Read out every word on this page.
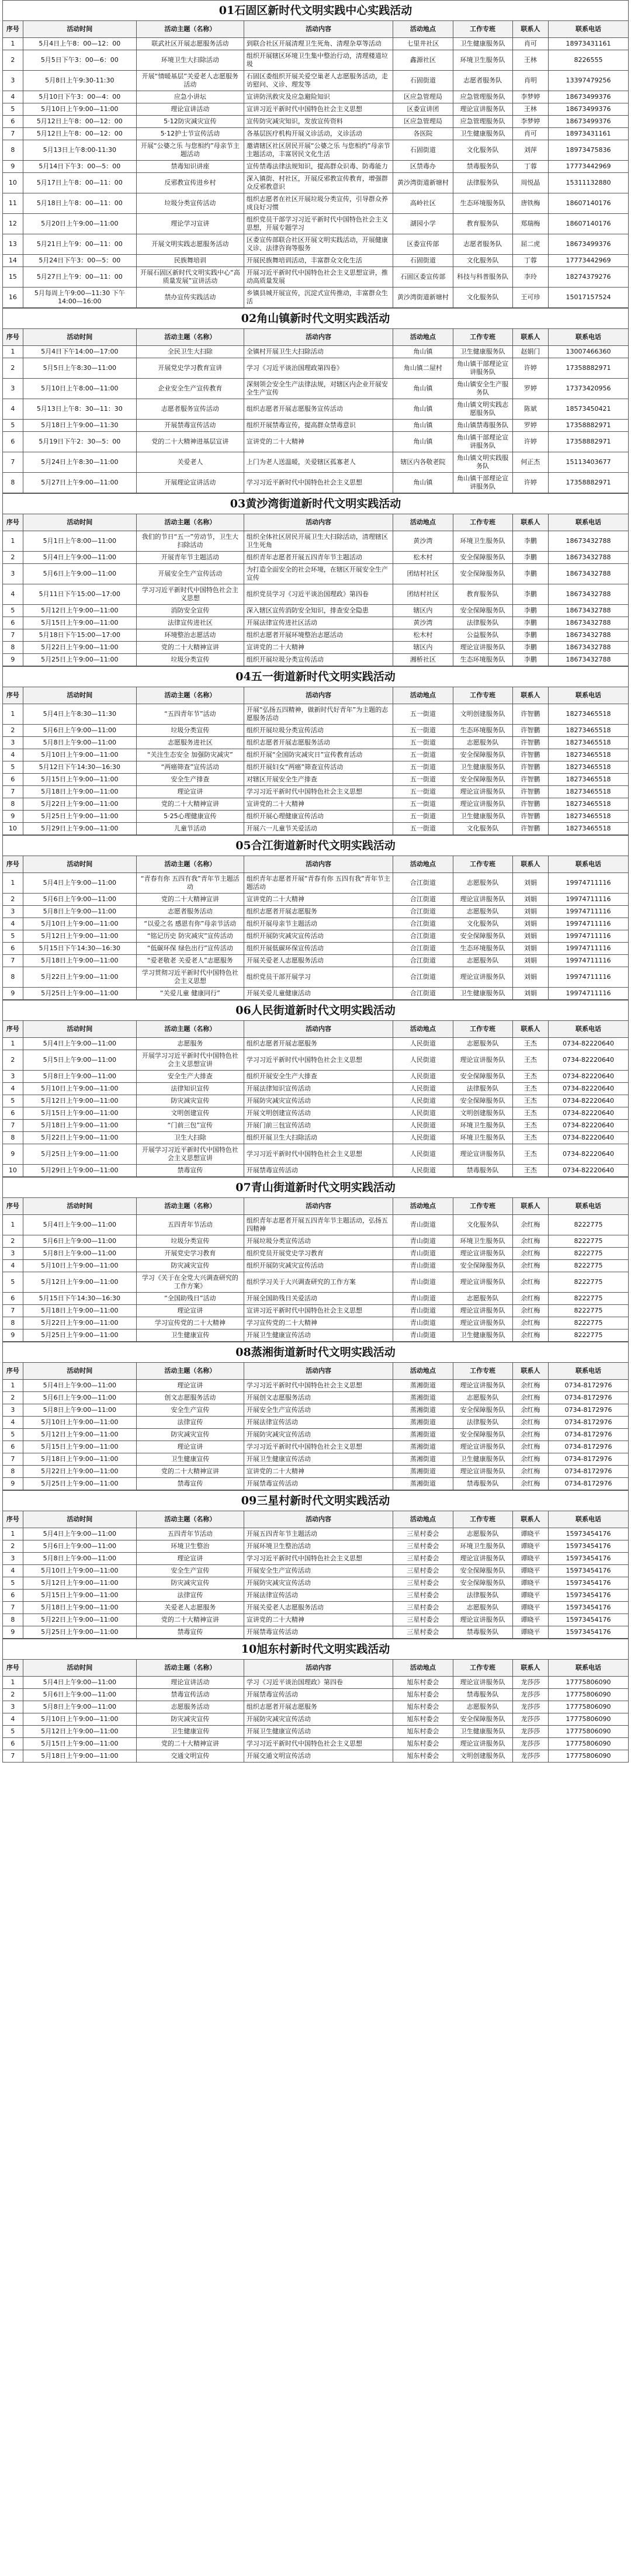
01石固区新时代文明实践中心实践活动
序号	活动时间	活动主题（名称）	活动内容	活动地点	工作专班	联系人	联系电话
1	5月4日上午8：00—12：00	联武社区开展志愿服务活动	到联合社区开展清理卫生死角、清理杂草等活动	七里井社区	卫生健康服务队	肖可	18973431161
2	5月5日下午3：00—6：00	环境卫生大扫除活动	组织开展辖区环境卫生集中整治行动，清理楼道垃圾	鑫源社区	环境卫生服务队	王林	8226555
3	5月8日上午9:30-11:30	开展“情暖基层”关爱老人志愿服务活动	石固区委组织开展关爱空巢老人志愿服务活动，走访慰问、义诊、理发等	石固街道	志愿者服务队	肖明	13397479256
4	5月10日下午3：00—4：00	应急小讲坛	宣讲防汛救灾及应急避险知识	区应急管理局	应急管理服务队	李梦婷	18673499376
5	5月10日上午9:00—11:00	理论宣讲活动	宣讲习近平新时代中国特色社会主义思想	区委宣讲团	理论宣讲服务队	王林	18673499376
6	5月12日上午8：00—12：00	5·12防灾减灾宣传	宣传防灾减灾知识，发放宣传资料	区应急管理局	应急管理服务队	李梦婷	18673499376
7	5月12日上午8：00—12：00	5·12护士节宣传活动	各基层医疗机构开展义诊活动，义诊活动	各医院	卫生健康服务队	肖可	18973431161
8	5月13日上午8:00-11:30	开展“公婆之乐 与您相约”母亲节主题活动	邀请辖区社区居民开展“公婆之乐 与您相约”母亲节主题活动，丰富居民文化生活	石固街道	文化服务队	刘萍	18973475836
9	5月14日下午3：00—5：00	禁毒知识讲座	宣传禁毒法律法规知识，提高群众识毒、防毒能力	区禁毒办	禁毒服务队	丁蓉	17773442969
10	5月17日上午8：00—11：00	反邪教宣传进乡村	深入镇街、村社区，开展反邪教宣传教育，增强群众反邪教意识	黄沙湾街道新塘村	法律服务队	周悦晶	15311132880
11	5月18日上午8：00—11：00	垃圾分类宣传活动	组织志愿者在社区开展垃圾分类宣传，引导群众养成良好习惯	高岭社区	生态环境服务队	唐铁梅	18607140176
12	5月20日上午9:00—11:00	理论学习宣讲	组织党员干部学习习近平新时代中国特色社会主义思想，开展专题学习	湖园小学	教育服务队	郑瑞梅	18607140176
13	5月21日上午9：00—11：00	开展文明实践志愿服务活动	区委宣传部联合社区开展文明实践活动，开展健康义诊、法律咨询等服务	区委宣传部	志愿者服务队	屈二虎	18673499376
14	5月24日下午3：00—5：00	民族舞培训	开展民族舞培训活动，丰富群众文化生活	石固街道	文化服务队	丁蓉	17773442969
15	5月27日上午9：00—11：00	开展石固区新时代文明实践中心“高质量发展”宣讲活动	开展习近平新时代中国特色社会主义思想宣讲，推动高质量发展	石固区委宣传部	科技与科普服务队	李玲	18274379276
16	5月每周上午9:00—11:30 下午14:00—16:00	禁办宣传实践活动	乡镇县城开展宣传，沉淀式宣传推动，丰富群众生活	黄沙湾街道新塘村	文化服务队	王可珍	15017157524
02角山镇新时代文明实践活动
序号	活动时间	活动主题（名称）	活动内容	活动地点	工作专班	联系人	联系电话
1	5月4日下午14:00—17:00	全民卫生大扫除	全镇村开展卫生大扫除活动	角山镇	卫生健康服务队	赵娟门	13007466360
2	5月5日上午8:30—11:00	开展党史学习教育宣讲	学习《习近平谈治国理政第四卷》	角山镇二屋村	角山镇干部理论宣讲服务队	许婷	17358882971
3	5月10日上午8:00—11:00	企业安全生产宣传教育	深刻领会安全生产法律法规，对辖区内企业开展安全生产宣传	角山镇	角山镇安全生产服务队	罗婷	17373420956
4	5月13日上午8：30—11：30	志愿者服务宣传活动	组织志愿者开展志愿服务宣传活动	角山镇	角山镇文明实践志愿服务队	陈斌	18573450421
5	5月18日上午9:00—11:30	开展禁毒宣传活动	组织开展禁毒宣传，提高群众禁毒意识	角山镇	角山镇禁毒服务队	罗婷	17358882971
6	5月19日下午2：30—5：00	党的二十大精神进基层宣讲	宣讲党的二十大精神	角山镇	角山镇干部理论宣讲服务队	许婷	17358882971
7	5月24日上午8:30—11:00	关爱老人	上门为老人送温暖，关爱辖区孤寡老人	辖区内各敬老院	角山镇文明实践服务队	何正杰	15113403677
8	5月27日上午9:00—11:00	开展理论宣讲活动	学习习近平新时代中国特色社会主义思想	角山镇	角山镇干部理论宣讲服务队	许婷	17358882971
03黄沙湾街道新时代文明实践活动
序号	活动时间	活动主题（名称）	活动内容	活动地点	工作专班	联系人	联系电话
1	5月1日上午8:00—11:00	我们的节日“五一”劳动节，卫生大扫除活动	组织全体社区居民开展卫生大扫除活动，清理辖区卫生死角	黄沙湾	环境卫生服务队	李鹏	18673432788
2	5月4日上午9:00—11:00	开展青年节主题活动	组织青年志愿者开展五四青年节主题活动	松木村	安全保障服务队	李鹏	18673432788
3	5月6日上午9:00—11:00	开展安全生产宣传活动	为打造全面安全的社会环境，在辖区开展安全生产宣传	团结村社区	安全保障服务队	李鹏	18673432788
4	5月11日下午15:00—17:00	学习习近平新时代中国特色社会主义思想	组织党员学习《习近平谈治国理政》第四卷	团结村社区	教育服务队	李鹏	18673432788
5	5月12日上午9:00—11:00	消防安全宣传	深入辖区宣传消防安全知识，排查安全隐患	辖区内	安全保障服务队	李鹏	18673432788
6	5月15日上午9:00—11:00	法律宣传进社区	开展法律宣传进社区活动	黄沙湾	法律服务队	李鹏	18673432788
7	5月18日下午15:00—17:00	环境整治志愿活动	组织志愿者开展环境整治志愿活动	松木村	公益服务队	李鹏	18673432788
8	5月22日上午9:00—11:00	党的二十大精神宣讲	宣讲党的二十大精神	辖区内	理论宣讲服务队	李鹏	18673432788
9	5月25日上午9:00—11:00	垃圾分类宣传	组织开展垃圾分类宣传活动	湘桥社区	生态环境服务队	李鹏	18673432788
04五一街道新时代文明实践活动
序号	活动时间	活动主题（名称）	活动内容	活动地点	工作专班	联系人	联系电话
1	5月4日上午8:30—11:30	“五四青年节”活动	开展“弘扬五四精神，做新时代好青年”为主题的志愿服务活动	五一街道	文明创建服务队	许智鹏	18273465518
2	5月6日上午9:00—11:00	垃圾分类宣传	组织开展垃圾分类宣传活动	五一街道	生态环境服务队	许智鹏	18273465518
3	5月8日上午9:00—11:00	志愿服务进社区	组织志愿者开展志愿服务活动	五一街道	志愿服务队	许智鹏	18273465518
4	5月10日上午9:00—11:00	“关注生态安全 加强防灾减灾”	组织开展“全国防灾减灾日”宣传教育活动	五一街道	安全保障服务队	许智鹏	18273465518
5	5月12日下午14:30—16:30	“两癌筛查”宣传活动	组织开展妇女“两癌”筛查宣传活动	五一街道	卫生健康服务队	许智鹏	18273465518
6	5月15日上午9:00—11:00	安全生产排查	对辖区开展安全生产排查	五一街道	安全保障服务队	许智鹏	18273465518
7	5月18日上午9:00—11:00	理论宣讲	学习习近平新时代中国特色社会主义思想	五一街道	理论宣讲服务队	许智鹏	18273465518
8	5月22日上午9:00—11:00	党的二十大精神宣讲	宣讲党的二十大精神	五一街道	理论宣讲服务队	许智鹏	18273465518
9	5月25日上午9:00—11:00	5·25心理健康宣传	组织开展心理健康宣传活动	五一街道	卫生健康服务队	许智鹏	18273465518
10	5月29日上午9:00—11:00	儿童节活动	开展六一儿童节关爱活动	五一街道	文化服务队	许智鹏	18273465518
05合江街道新时代文明实践活动
序号	活动时间	活动主题（名称）	活动内容	活动地点	工作专班	联系人	联系电话
1	5月4日上午9:00—11:00	“青春有你 五四有我”青年节主题活动	组织青年志愿者开展“青春有你 五四有我”青年节主题活动	合江街道	志愿服务队	刘娟	19974711116
2	5月6日上午9:00—11:00	党的二十大精神宣讲	宣讲党的二十大精神	合江街道	理论宣讲服务队	刘娟	19974711116
3	5月8日上午9:00—11:00	志愿者服务活动	组织志愿者开展志愿服务	合江街道	志愿服务队	刘娟	19974711116
4	5月10日上午9:00—11:00	“以爱之名 感恩有你”母亲节活动	组织开展母亲节主题活动	合江街道	文化服务队	刘娟	19974711116
5	5月12日上午9:00—11:00	“铭记历史 防灾减灾”宣传活动	组织开展防灾减灾宣传活动	合江街道	安全保障服务队	刘娟	19974711116
6	5月15日下午14:30—16:30	“低碳环保 绿色出行”宣传活动	组织开展低碳环保宣传活动	合江街道	生态环境服务队	刘娟	19974711116
7	5月18日上午9:00—11:00	“爱老敬老 关爱老人”志愿服务	开展关爱老人志愿服务活动	合江街道	志愿服务队	刘娟	19974711116
8	5月22日上午9:00—11:00	学习贯彻习近平新时代中国特色社会主义思想	组织党员干部开展学习	合江街道	理论宣讲服务队	刘娟	19974711116
9	5月25日上午9:00—11:00	“关爱儿童 健康同行”	开展关爱儿童健康活动	合江街道	卫生健康服务队	刘娟	19974711116
06人民街道新时代文明实践活动
序号	活动时间	活动主题（名称）	活动内容	活动地点	工作专班	联系人	联系电话
1	5月4日上午9:00—11:00	志愿服务	组织志愿者开展志愿服务	人民街道	志愿服务队	王杰	0734-82220640
2	5月5日上午9:00—11:00	开展学习习近平新时代中国特色社会主义思想宣讲	学习习近平新时代中国特色社会主义思想	人民街道	理论宣讲服务队	王杰	0734-82220640
3	5月8日上午9:00—11:00	安全生产大排查	组织开展安全生产大排查	人民街道	安全保障服务队	王杰	0734-82220640
4	5月10日上午9:00—11:00	法律知识宣传	开展法律知识宣传活动	人民街道	法律服务队	王杰	0734-82220640
5	5月12日上午9:00—11:00	防灾减灾宣传	开展防灾减灾宣传活动	人民街道	安全保障服务队	王杰	0734-82220640
6	5月15日上午9:00—11:00	文明创建宣传	开展文明创建宣传活动	人民街道	文明创建服务队	王杰	0734-82220640
7	5月18日上午9:00—11:00	“门前三包”宣传	开展门前三包宣传活动	人民街道	环境卫生服务队	王杰	0734-82220640
8	5月22日上午9:00—11:00	卫生大扫除	组织开展卫生大扫除活动	人民街道	环境卫生服务队	王杰	0734-82220640
9	5月25日上午9:00—11:00	开展学习习近平新时代中国特色社会主义思想宣讲	学习习近平新时代中国特色社会主义思想	人民街道	理论宣讲服务队	王杰	0734-82220640
10	5月29日上午9:00—11:00	禁毒宣传	开展禁毒宣传活动	人民街道	禁毒服务队	王杰	0734-82220640
07青山街道新时代文明实践活动
序号	活动时间	活动主题（名称）	活动内容	活动地点	工作专班	联系人	联系电话
1	5月4日上午9:00—11:00	五四青年节活动	组织青年志愿者开展五四青年节主题活动，弘扬五四精神	青山街道	文化服务队	余红梅	8222775
2	5月6日上午9:00—11:00	垃圾分类宣传	开展垃圾分类宣传活动	青山街道	环境卫生服务队	余红梅	8222775
3	5月8日上午9:00—11:00	开展党史学习教育	组织党员开展党史学习教育	青山街道	理论宣讲服务队	余红梅	8222775
4	5月10日上午9:00—11:00	防灾减灾宣传	组织开展防灾减灾宣传活动	青山街道	安全保障服务队	余红梅	8222775
5	5月12日上午9:00—11:00	学习《关于在全党大兴调查研究的工作方案》	组织学习关于大兴调查研究的工作方案	青山街道	理论宣讲服务队	余红梅	8222775
6	5月15日下午14:30—16:30	“全国助残日”活动	开展全国助残日关爱活动	青山街道	志愿服务队	余红梅	8222775
7	5月18日上午9:00—11:00	理论宣讲	宣讲习近平新时代中国特色社会主义思想	青山街道	理论宣讲服务队	余红梅	8222775
8	5月22日上午9:00—11:00	学习宣传党的二十大精神	学习宣传党的二十大精神	青山街道	理论宣讲服务队	余红梅	8222775
9	5月25日上午9:00—11:00	卫生健康宣传	开展卫生健康宣传活动	青山街道	卫生健康服务队	余红梅	8222775
08蒸湘街道新时代文明实践活动
序号	活动时间	活动主题（名称）	活动内容	活动地点	工作专班	联系人	联系电话
1	5月4日上午9:00—11:00	理论宣讲	学习习近平新时代中国特色社会主义思想	蒸湘街道	理论宣讲服务队	余红梅	0734-8172976
2	5月6日上午9:00—11:00	创文志愿服务活动	开展创文志愿服务活动	蒸湘街道	志愿服务队	余红梅	0734-8172976
3	5月8日上午9:00—11:00	安全生产宣传	开展安全生产宣传活动	蒸湘街道	安全保障服务队	余红梅	0734-8172976
4	5月10日上午9:00—11:00	法律宣传	开展法律宣传活动	蒸湘街道	法律服务队	余红梅	0734-8172976
5	5月12日上午9:00—11:00	防灾减灾宣传	开展防灾减灾宣传活动	蒸湘街道	安全保障服务队	余红梅	0734-8172976
6	5月15日上午9:00—11:00	理论宣讲	学习习近平新时代中国特色社会主义思想	蒸湘街道	理论宣讲服务队	余红梅	0734-8172976
7	5月18日上午9:00—11:00	卫生健康宣传	开展卫生健康宣传活动	蒸湘街道	卫生健康服务队	余红梅	0734-8172976
8	5月22日上午9:00—11:00	党的二十大精神宣讲	宣讲党的二十大精神	蒸湘街道	理论宣讲服务队	余红梅	0734-8172976
9	5月25日上午9:00—11:00	禁毒宣传	开展禁毒宣传活动	蒸湘街道	禁毒服务队	余红梅	0734-8172976
09三星村新时代文明实践活动
序号	活动时间	活动主题（名称）	活动内容	活动地点	工作专班	联系人	联系电话
1	5月4日上午9:00—11:00	五四青年节活动	开展五四青年节主题活动	三星村委会	志愿服务队	谭晓平	15973454176
2	5月6日上午9:00—11:00	环境卫生整治	开展环境卫生整治活动	三星村委会	环境卫生服务队	谭晓平	15973454176
3	5月8日上午9:00—11:00	理论宣讲	学习习近平新时代中国特色社会主义思想	三星村委会	理论宣讲服务队	谭晓平	15973454176
4	5月10日上午9:00—11:00	安全生产宣传	开展安全生产宣传活动	三星村委会	安全保障服务队	谭晓平	15973454176
5	5月12日上午9:00—11:00	防灾减灾宣传	开展防灾减灾宣传活动	三星村委会	安全保障服务队	谭晓平	15973454176
6	5月15日上午9:00—11:00	法律宣传	开展法律宣传活动	三星村委会	法律服务队	谭晓平	15973454176
7	5月18日上午9:00—11:00	关爱老人志愿服务	开展关爱老人志愿服务活动	三星村委会	志愿服务队	谭晓平	15973454176
8	5月22日上午9:00—11:00	党的二十大精神宣讲	宣讲党的二十大精神	三星村委会	理论宣讲服务队	谭晓平	15973454176
9	5月25日上午9:00—11:00	禁毒宣传	开展禁毒宣传活动	三星村委会	禁毒服务队	谭晓平	15973454176
10旭东村新时代文明实践活动
序号	活动时间	活动主题（名称）	活动内容	活动地点	工作专班	联系人	联系电话
1	5月4日上午9:00—11:00	理论宣讲活动	学习《习近平谈治国理政》第四卷	旭东村委会	理论宣讲服务队	龙莎莎	17775806090
2	5月6日上午9:00—11:00	禁毒宣传活动	开展禁毒宣传活动	旭东村委会	禁毒服务队	龙莎莎	17775806090
3	5月8日上午9:00—11:00	志愿服务活动	组织志愿者开展志愿服务	旭东村委会	志愿服务队	龙莎莎	17775806090
4	5月10日上午9:00—11:00	防灾减灾宣传	开展防灾减灾宣传活动	旭东村委会	安全保障服务队	龙莎莎	17775806090
5	5月12日上午9:00—11:00	卫生健康宣传	开展卫生健康宣传活动	旭东村委会	卫生健康服务队	龙莎莎	17775806090
6	5月15日上午9:00—11:00	党的二十大精神宣讲	学习习近平新时代中国特色社会主义思想	旭东村委会	理论宣讲服务队	龙莎莎	17775806090
7	5月18日上午9:00—11:00	交通文明宣传	开展交通文明宣传活动	旭东村委会	文明创建服务队	龙莎莎	17775806090
